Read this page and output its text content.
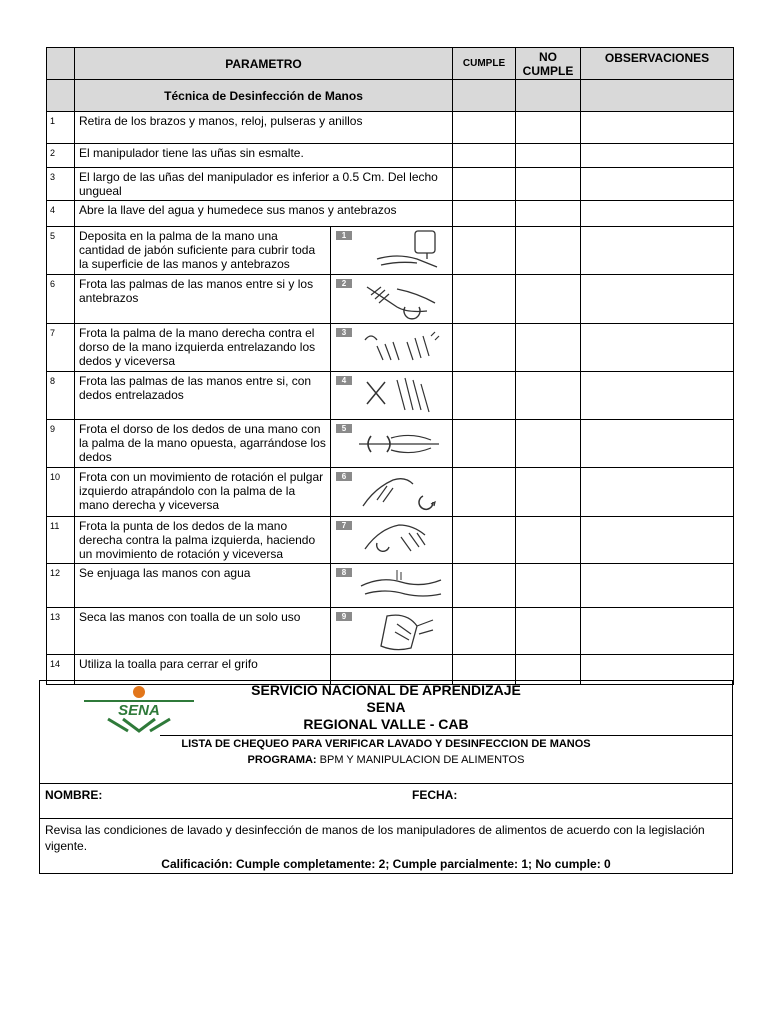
	PARAMETRO		CUMPLE	NO CUMPLE	OBSERVACIONES
	Técnica de Desinfección de Manos				
1	Retira de los brazos y manos, reloj, pulseras y anillos				
2	El manipulador tiene las uñas sin esmalte.				
3	El largo de las uñas del manipulador es inferior a 0.5 Cm. Del lecho ungueal				
4	Abre la llave del agua y humedece sus manos y antebrazos				
5	Deposita en la palma de la mano una cantidad de jabón suficiente para cubrir toda la superficie de las manos y antebrazos	1			

6	Frota las palmas de las manos entre si y los antebrazos	2			

7	Frota la palma de la mano derecha contra el dorso de la mano izquierda entrelazando los dedos y viceversa	3			

8	Frota las palmas de las manos entre si, con dedos entrelazados	4			

9	Frota el dorso de los dedos de una mano con la palma de la mano opuesta, agarrándose los dedos	5			

10	Frota con un movimiento de rotación el pulgar izquierdo atrapándolo con la palma de la mano derecha y viceversa	6			

11	Frota la punta de los dedos de la mano derecha contra la palma izquierda, haciendo un movimiento de rotación y viceversa	7			

12	Se enjuaga las manos con agua	8			

13	Seca las manos con toalla de un solo uso	9			

14	Utiliza la toalla para cerrar el grifo				
SENA
SERVICIO NACIONAL DE APRENDIZAJE
SENA
REGIONAL VALLE - CAB
LISTA DE CHEQUEO PARA VERIFICAR LAVADO Y DESINFECCION DE MANOS
PROGRAMA: BPM Y MANIPULACION DE ALIMENTOS
NOMBRE:	FECHA:
Revisa las condiciones de lavado y desinfección de manos de los manipuladores de alimentos de acuerdo con la legislación vigente.
Calificación: Cumple completamente: 2; Cumple parcialmente: 1; No cumple: 0
